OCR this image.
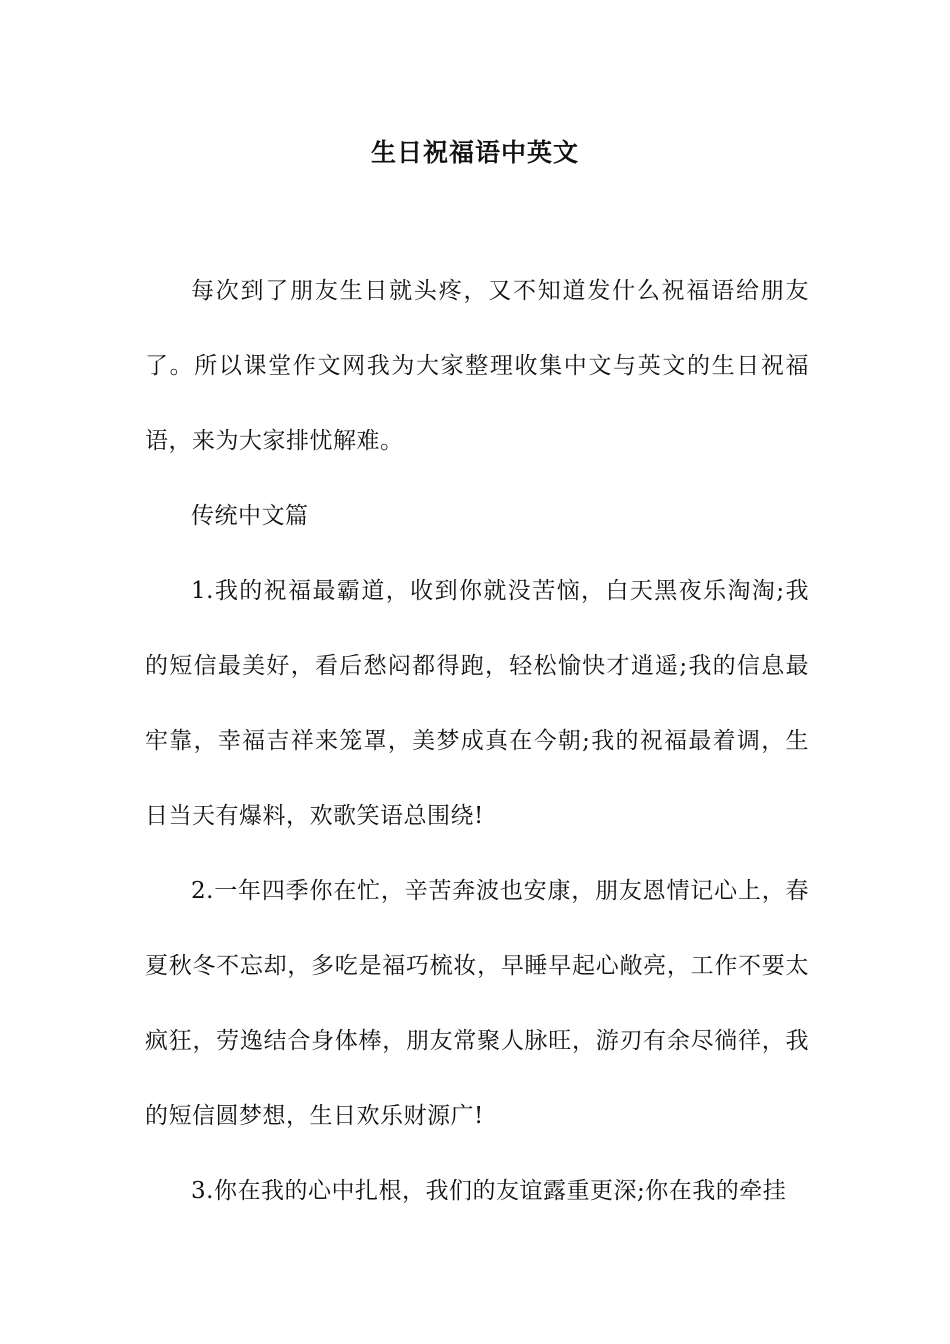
生日祝福语中英文

每次到了朋友生日就头疼，又不知道发什么祝福语给朋友了。所以课堂作文网我为大家整理收集中文与英文的生日祝福语，来为大家排忧解难。

传统中文篇

1.我的祝福最霸道，收到你就没苦恼，白天黑夜乐淘淘;我的短信最美好，看后愁闷都得跑，轻松愉快才逍遥;我的信息最牢靠，幸福吉祥来笼罩，美梦成真在今朝;我的祝福最着调，生日当天有爆料，欢歌笑语总围绕!

2.一年四季你在忙，辛苦奔波也安康，朋友恩情记心上，春夏秋冬不忘却，多吃是福巧梳妆，早睡早起心敞亮，工作不要太疯狂，劳逸结合身体棒，朋友常聚人脉旺，游刃有余尽徜徉，我的短信圆梦想，生日欢乐财源广!

3.你在我的心中扎根，我们的友谊露重更深;你在我的牵挂
